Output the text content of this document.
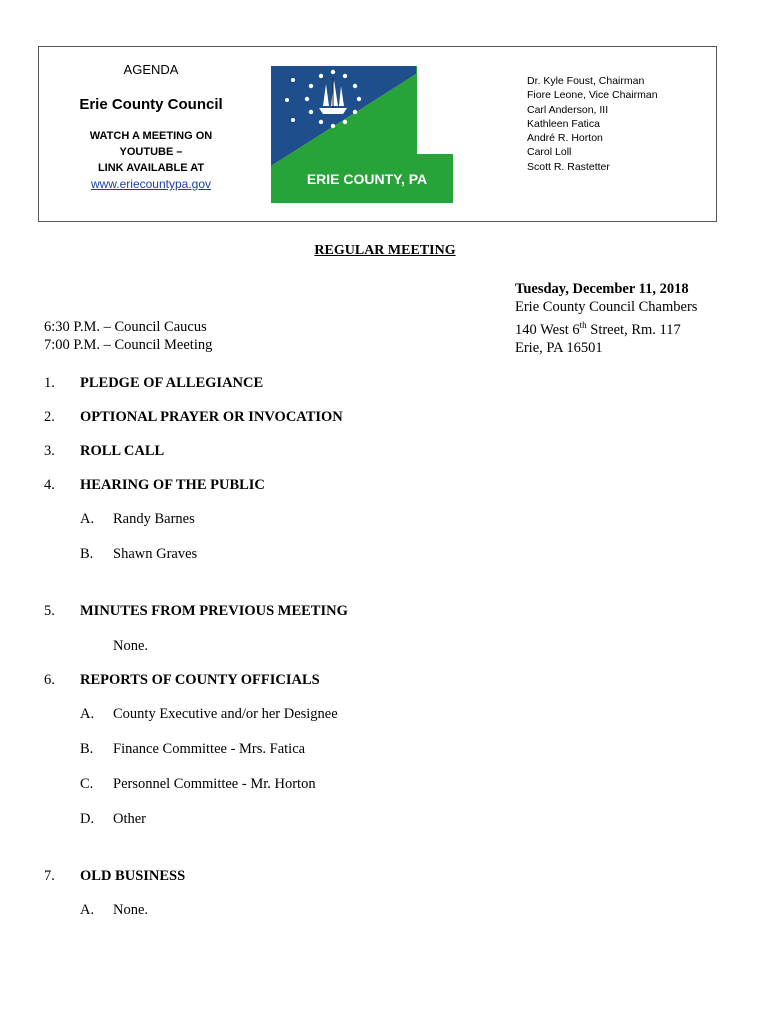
AGENDA
Erie County Council
WATCH A MEETING ON
YOUTUBE –
LINK AVAILABLE AT
www.eriecountypa.gov	ERIE COUNTY, PA
Dr. Kyle Foust, Chairman
Fiore Leone, Vice Chairman
Carl Anderson, III
Kathleen Fatica
André R. Horton
Carol Loll
Scott R. Rastetter
REGULAR MEETING
Tuesday, December 11, 2018
Erie County Council Chambers
140 West 6th Street, Rm. 117
Erie, PA 16501
6:30 P.M. – Council Caucus
7:00 P.M. – Council Meeting
1. PLEDGE OF ALLEGIANCE
2. OPTIONAL PRAYER OR INVOCATION
3. ROLL CALL
4. HEARING OF THE PUBLIC
A. Randy Barnes
B. Shawn Graves
5. MINUTES FROM PREVIOUS MEETING
None.
6. REPORTS OF COUNTY OFFICIALS
A. County Executive and/or her Designee
B. Finance Committee - Mrs. Fatica
C. Personnel Committee - Mr. Horton
D. Other
7. OLD BUSINESS
A. None.
